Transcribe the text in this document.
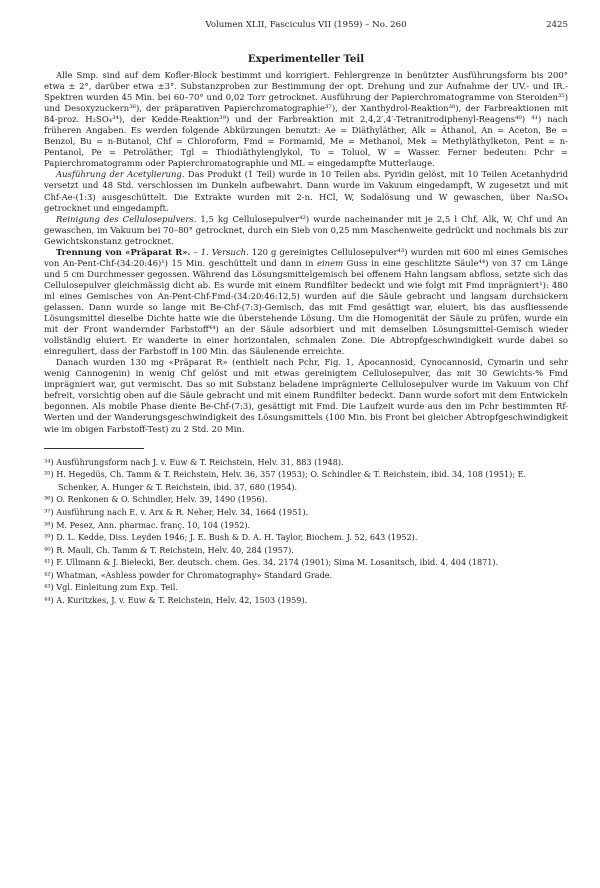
Volumen XLII, Fasciculus VII (1959) – No. 260	2425
Experimenteller Teil

Alle Smp. sind auf dem Kofler-Block bestimmt und korrigiert. Fehlergrenze in benützter Ausführungsform bis 200° etwa ± 2°, darüber etwa ±3°. Substanzproben zur Bestimmung der opt. Drehung und zur Aufnahme der UV.- und IR.-Spektren wurden 45 Min. bei 60–70° und 0,02 Torr getrocknet. Ausführung der Papierchromatogramme von Steroiden³⁵) und Desoxyzuckern³⁶), der präparativen Papierchromatographie³⁷), der Xanthydrol-Reaktion³⁸), der Farbreaktionen mit 84-proz. H₂SO₄³⁴), der Kedde-Reaktion³⁹) und der Farbreaktion mit 2,4,2′,4′-Tetranitrodiphenyl-Reagens⁴⁰) ⁴¹) nach früheren Angaben. Es werden folgende Abkürzungen benutzt: Ae = Diäthyläther, Alk = Äthanol, An = Aceton, Be = Benzol, Bu = n-Butanol, Chf = Chloroform, Fmd = Formamid, Me = Methanol, Mek = Methyläthylketon, Pent = n-Pentanol, Pe = Petroläther, Tgl = Thiodiäthylenglykol, To = Toluol, W = Wasser. Ferner bedeuten: Pchr = Papierchromatogramm oder Papierchromatographie und ML = eingedampfte Mutterlauge.

Ausführung der Acetylierung. Das Produkt (1 Teil) wurde in 10 Teilen abs. Pyridin gelöst, mit 10 Teilen Acetanhydrid versetzt und 48 Std. verschlossen im Dunkeln aufbewahrt. Dann wurde im Vakuum eingedampft, W zugesetzt und mit Chf-Ae-(1:3) ausgeschüttelt. Die Extrakte wurden mit 2-n. HCl, W, Sodalösung und W gewaschen, über Na₂SO₄ getrocknet und eingedampft.

Reinigung des Cellulosepulvers. 1,5 kg Cellulosepulver⁴²) wurde nacheinander mit je 2,5 l Chf, Alk, W, Chf und An gewaschen, im Vakuum bei 70–80° getrocknet, durch ein Sieb von 0,25 mm Maschenweite gedrückt und nochmals bis zur Gewichtskonstanz getrocknet.

Trennung von «Präparat R». – 1. Versuch. 120 g gereinigtes Cellulosepulver⁴³) wurden mit 600 ml eines Gemisches von An-Pent-Chf-(34:20:46)¹) 15 Min. geschüttelt und dann in einem Guss in eine geschlitzte Säule⁴⁴) von 37 cm Länge und 5 cm Durchmesser gegossen. Während das Lösungsmittelgemisch bei offenem Hahn langsam abfloss, setzte sich das Cellulosepulver gleichmässig dicht ab. Es wurde mit einem Rundfilter bedeckt und wie folgt mit Fmd imprägniert¹): 480 ml eines Gemisches von An-Pent-Chf-Fmd-(34:20:46:12,5) wurden auf die Säule gebracht und langsam durchsickern gelassen. Dann wurde so lange mit Be-Chf-(7:3)-Gemisch, das mit Fmd gesättigt war, eluiert, bis das ausfliessende Lösungsmittel dieselbe Dichte hatte wie die überstehende Lösung. Um die Homogenität der Säule zu prüfen, wurde ein mit der Front wandernder Farbstoff⁴⁴) an der Säule adsorbiert und mit demselben Lösungsmittel-Gemisch wieder vollständig eluiert. Er wanderte in einer horizontalen, schmalen Zone. Die Abtropfgeschwindigkeit wurde dabei so einreguliert, dass der Farbstoff in 100 Min. das Säulenende erreichte.

Danach wurden 130 mg «Präparat R» (enthielt nach Pchr, Fig. 1, Apocannosid, Cynocannosid, Cymarin und sehr wenig Cannogenin) in wenig Chf gelöst und mit etwas gereinigtem Cellulosepulver, das mit 30 Gewichts-% Fmd imprägniert war, gut vermischt. Das so mit Substanz beladene imprägnierte Cellulosepulver wurde im Vakuum von Chf befreit, vorsichtig oben auf die Säule gebracht und mit einem Rundfilter bedeckt. Dann wurde sofort mit dem Entwickeln begonnen. Als mobile Phase diente Be-Chf-(7:3), gesättigt mit Fmd. Die Laufzeit wurde aus den im Pchr bestimmten Rf-Werten und der Wanderungsgeschwindigkeit des Lösungsmittels (100 Min. bis Front bei gleicher Abtropfgeschwindigkeit wie im obigen Farbstoff-Test) zu 2 Std. 20 Min.

³⁴) Ausführungsform nach J. v. Euw & T. Reichstein, Helv. 31, 883 (1948).

³⁵) H. Hegedüs, Ch. Tamm & T. Reichstein, Helv. 36, 357 (1953); O. Schindler & T. Reichstein, ibid. 34, 108 (1951); E. Schenker, A. Hunger & T. Reichstein, ibid. 37, 680 (1954).

³⁶) O. Renkonen & O. Schindler, Helv. 39, 1490 (1956).

³⁷) Ausführung nach E. v. Arx & R. Neher, Helv. 34, 1664 (1951).

³⁸) M. Pesez, Ann. pharmac. franç. 10, 104 (1952).

³⁹) D. L. Kedde, Diss. Leyden 1946; J. E. Bush & D. A. H. Taylor, Biochem. J. 52, 643 (1952).

⁴⁰) R. Mauli, Ch. Tamm & T. Reichstein, Helv. 40, 284 (1957).

⁴¹) F. Ullmann & J. Bielecki, Ber. deutsch. chem. Ges. 34, 2174 (1901); Sima M. Losanitsch, ibid. 4, 404 (1871).

⁴²) Whatman, «Ashless powder for Chromatography» Standard Grade.

⁴³) Vgl. Einleitung zum Exp. Teil.

⁴⁴) A. Kuritzkes, J. v. Euw & T. Reichstein, Helv. 42, 1503 (1959).
